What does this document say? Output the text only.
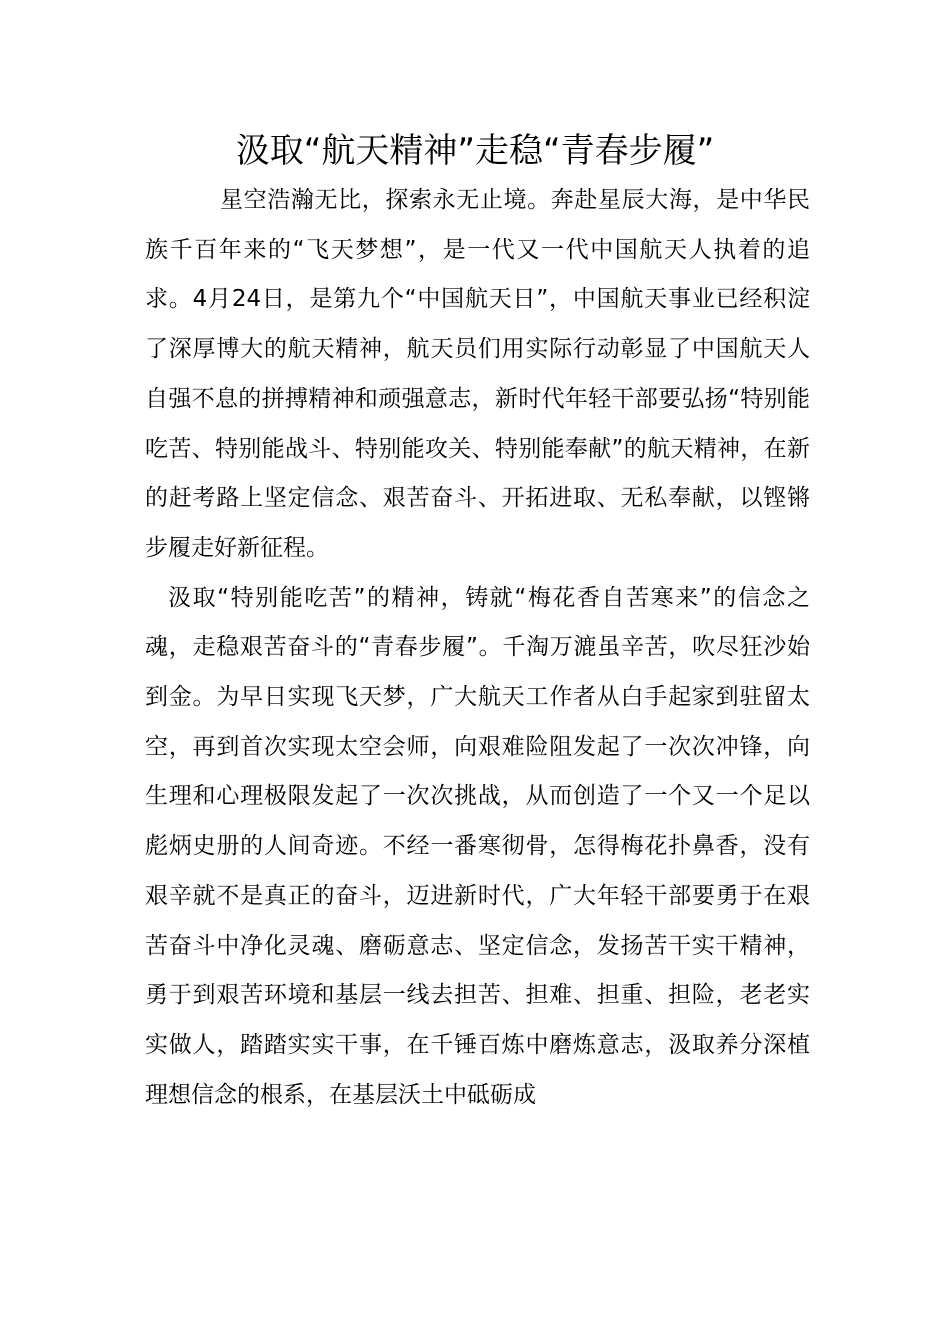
汲取“航天精神”走稳“青春步履”

星空浩瀚无比，探索永无止境。奔赴星辰大海，是中华民族千百年来的“飞天梦想”，是一代又一代中国航天人执着的追求。4月24日，是第九个“中国航天日”，中国航天事业已经积淀了深厚博大的航天精神，航天员们用实际行动彰显了中国航天人自强不息的拼搏精神和顽强意志，新时代年轻干部要弘扬“特别能吃苦、特别能战斗、特别能攻关、特别能奉献”的航天精神，在新的赶考路上坚定信念、艰苦奋斗、开拓进取、无私奉献，以铿锵步履走好新征程。

汲取“特别能吃苦”的精神，铸就“梅花香自苦寒来”的信念之魂，走稳艰苦奋斗的“青春步履”。千淘万漉虽辛苦，吹尽狂沙始到金。为早日实现飞天梦，广大航天工作者从白手起家到驻留太空，再到首次实现太空会师，向艰难险阻发起了一次次冲锋，向生理和心理极限发起了一次次挑战，从而创造了一个又一个足以彪炳史册的人间奇迹。不经一番寒彻骨，怎得梅花扑鼻香，没有艰辛就不是真正的奋斗，迈进新时代，广大年轻干部要勇于在艰苦奋斗中净化灵魂、磨砺意志、坚定信念，发扬苦干实干精神，勇于到艰苦环境和基层一线去担苦、担难、担重、担险，老老实实做人，踏踏实实干事，在千锤百炼中磨炼意志，汲取养分深植理想信念的根系，在基层沃土中砥砺成
